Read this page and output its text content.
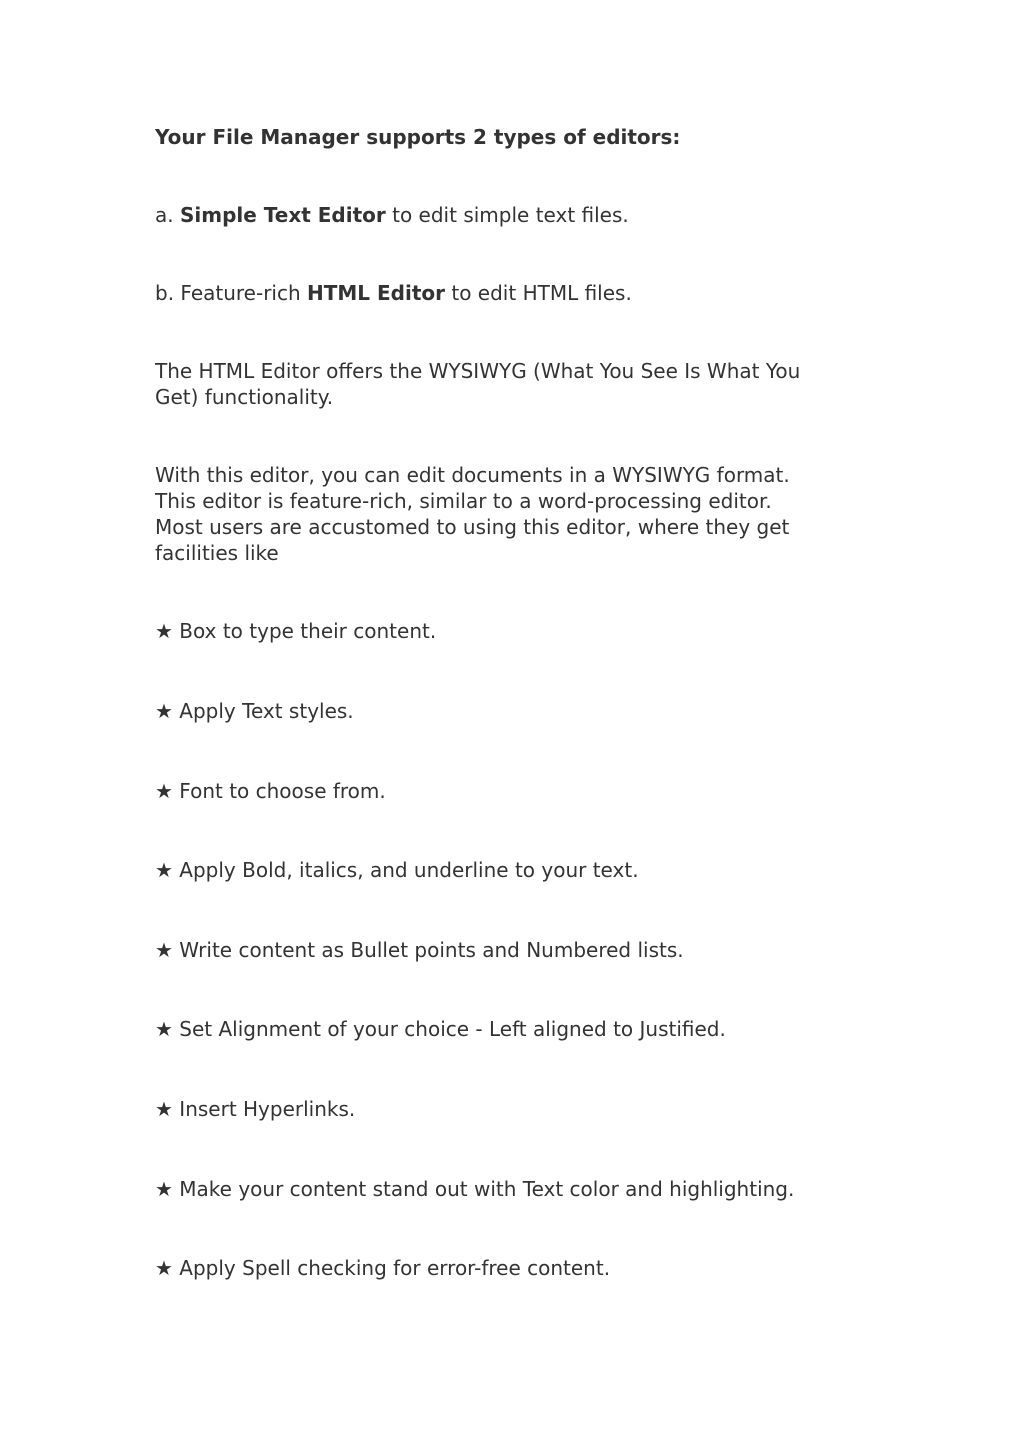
Your File Manager supports 2 types of editors:
a. Simple Text Editor to edit simple text files.
b. Feature-rich HTML Editor to edit HTML files.
The HTML Editor offers the WYSIWYG (What You See Is What You
Get) functionality.
With this editor, you can edit documents in a WYSIWYG format.
This editor is feature-rich, similar to a word-processing editor.
Most users are accustomed to using this editor, where they get
facilities like
★ Box to type their content.
★ Apply Text styles.
★ Font to choose from.
★ Apply Bold, italics, and underline to your text.
★ Write content as Bullet points and Numbered lists.
★ Set Alignment of your choice - Left aligned to Justified.
★ Insert Hyperlinks.
★ Make your content stand out with Text color and highlighting.
★ Apply Spell checking for error-free content.
